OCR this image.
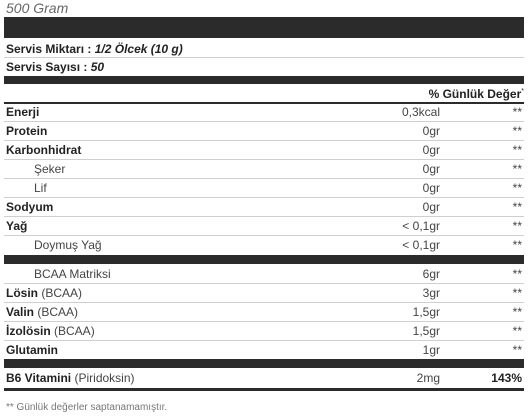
500 Gram
Servis Miktarı : 1/2 Ölcek (10 g)
Servis Sayısı : 50
% Günlük Değer*
Enerji	0,3kcal	**
Protein	0gr	**
Karbonhidrat	0gr	**
Şeker	0gr	**
Lif	0gr	**
Sodyum	0gr	**
Yağ	< 0,1gr	**
Doymuş Yağ	< 0,1gr	**
BCAA Matriksi	6gr	**
Lösin (BCAA)	3gr	**
Valin (BCAA)	1,5gr	**
İzolösin (BCAA)	1,5gr	**
Glutamin	1gr	**
B6 Vitamini (Piridoksin)	2mg	143%
** Günlük değerler saptanamamıştır.
